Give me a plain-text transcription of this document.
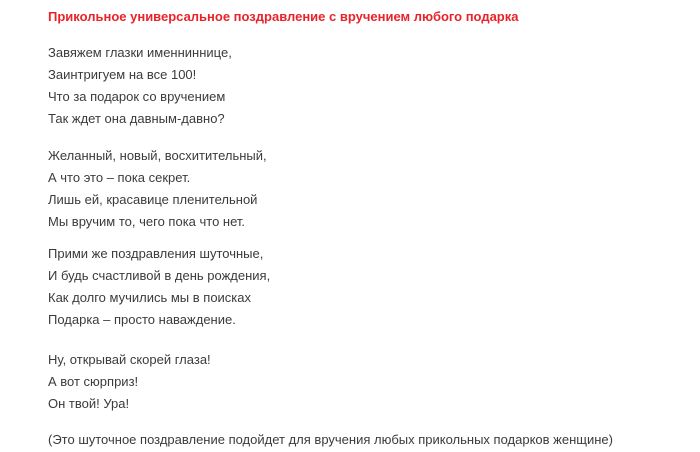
Прикольное универсальное поздравление с вручением любого подарка

Завяжем глазки именниннице,
Заинтригуем на все 100!
Что за подарок со вручением
Так ждет она давным-давно?

Желанный, новый, восхитительный,
А что это – пока секрет.
Лишь ей, красавице пленительной
Мы вручим то, чего пока что нет.

Прими же поздравления шуточные,
И будь счастливой в день рождения,
Как долго мучились мы в поисках
Подарка – просто наваждение.

Ну, открывай скорей глаза!
А вот сюрприз!
Он твой! Ура!

(Это шуточное поздравление подойдет для вручения любых прикольных подарков женщине)
